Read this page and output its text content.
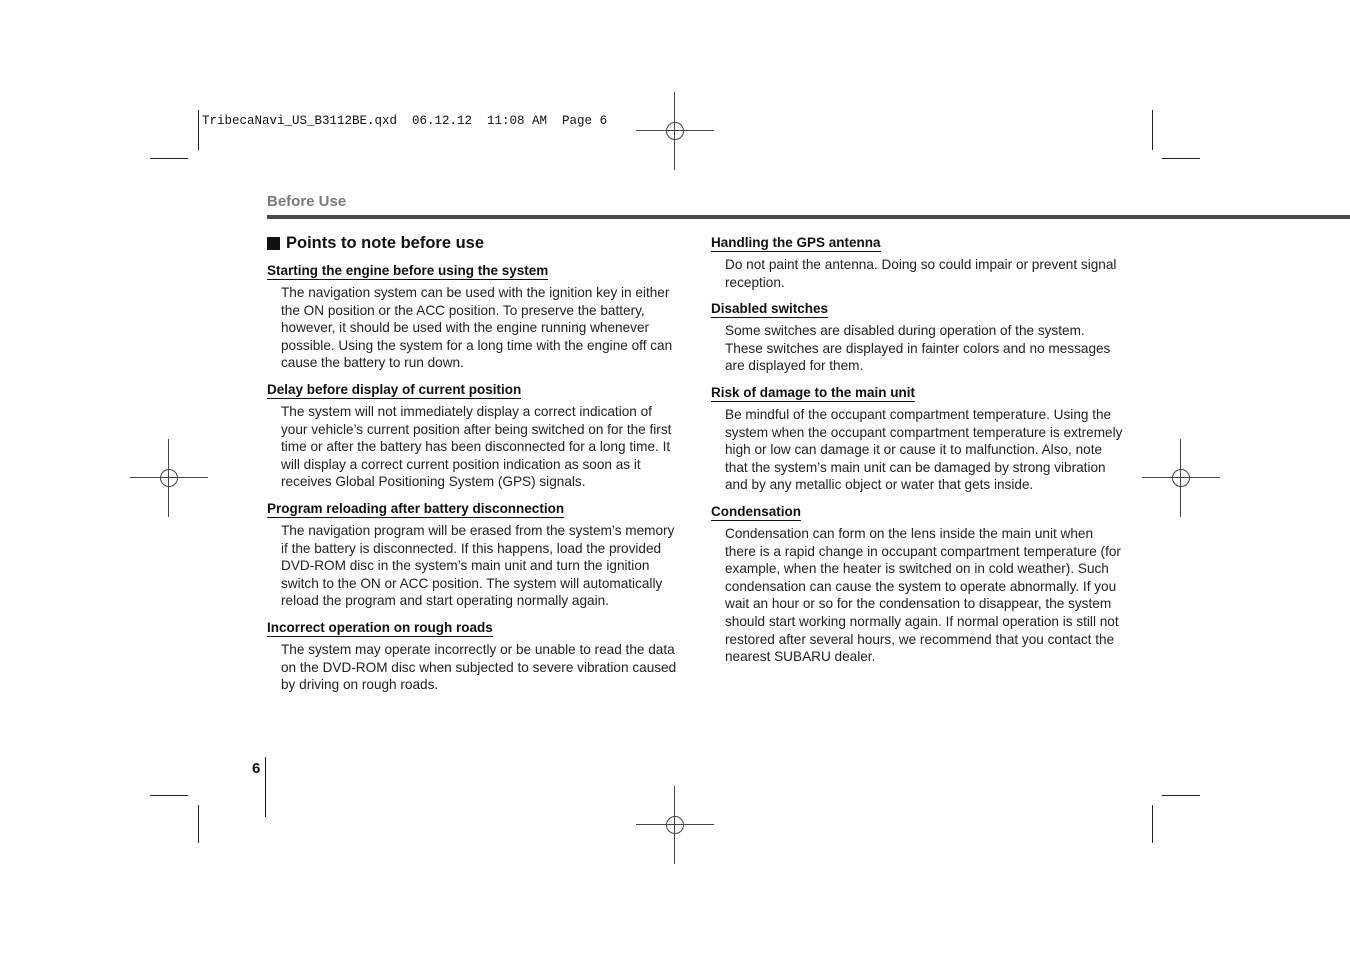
TribecaNavi_US_B3112BE.qxd  06.12.12  11:08 AM  Page 6
Before Use
Points to note before use
Starting the engine before using the system

The navigation system can be used with the ignition key in either the ON position or the ACC position. To preserve the battery, however, it should be used with the engine running whenever possible. Using the system for a long time with the engine off can cause the battery to run down.

Delay before display of current position

The system will not immediately display a correct indication of your vehicle’s current position after being switched on for the first time or after the battery has been disconnected for a long time. It will display a correct current position indication as soon as it receives Global Positioning System (GPS) signals.

Program reloading after battery disconnection

The navigation program will be erased from the system’s memory if the battery is disconnected. If this happens, load the provided DVD-ROM disc in the system’s main unit and turn the ignition switch to the ON or ACC position. The system will automatically reload the program and start operating normally again.

Incorrect operation on rough roads

The system may operate incorrectly or be unable to read the data on the DVD-ROM disc when subjected to severe vibration caused by driving on rough roads.

Handling the GPS antenna

Do not paint the antenna. Doing so could impair or prevent signal reception.

Disabled switches

Some switches are disabled during operation of the system. These switches are displayed in fainter colors and no messages are displayed for them.

Risk of damage to the main unit

Be mindful of the occupant compartment temperature. Using the system when the occupant compartment temperature is extremely high or low can damage it or cause it to malfunction. Also, note that the system’s main unit can be damaged by strong vibration and by any metallic object or water that gets inside.

Condensation

Condensation can form on the lens inside the main unit when there is a rapid change in occupant compartment temperature (for example, when the heater is switched on in cold weather). Such condensation can cause the system to operate abnormally. If you wait an hour or so for the condensation to disappear, the system should start working normally again. If normal operation is still not restored after several hours, we recommend that you contact the nearest SUBARU dealer.

6
